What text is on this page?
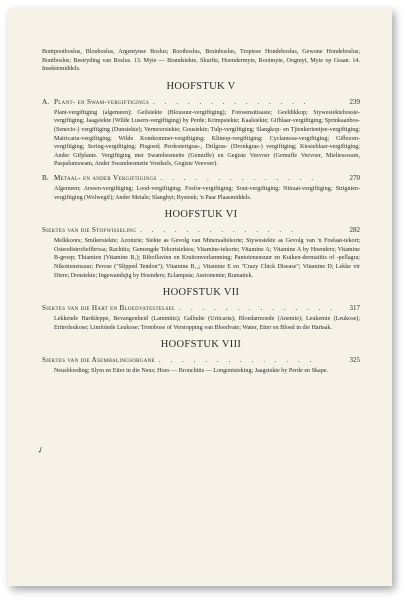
Bontpootboslus, Blouboslus, Argentynse Boslus; Rooiboslus, Bruinboslus, Tropiese Hondeboslus, Gewone Hondeboslus; Bontboslus; Bestryding van Boslus. 13. Myte — Brandsiekte, Skurfte, Hoendermyte, Rooimyte, Oogmyt, Myte op Graan. 14. Insektemiddels.

HOOFSTUK V
A. Plant- en Swam-vergiftigings . . . . . . . . . . . . . .	239

Plant-vergiftiging (algemeen); Geilsiekte (Blousuur-vergiftiging); Fotosensitisasie; Geeldikkop; Stywesiektebossie-vergiftiging; Jaagsiekte (Wilde Lusern-vergiftiging) by Perde; Krimpsiekte; Kaalsiekte; Gifblaar-vergiftiging; Sprinkaanbos- (Senecio-) vergiftiging (Dunsiekte); Vermeersiekte; Gousiekte; Tulp-vergiftiging; Slangkop- en Tjienkerientjee-vergiftiging; Matricaria-vergiftiging; Wilde Komkommer-vergiftiging; Klimop-vergiftiging; Cyclamosa-vergiftiging; Gifboom-vergiftiging; Sering-vergiftiging; Pisgoed; Perdestertgras-, Drilgras- (Dronkgras-) vergiftiging; Kiesieblaar-vergiftiging; Ander Gifplante. Vergiftiging met Swambesmette (Gemuffe) en Gegiste Veevoer (Gemuffe Veevoer, Mieliesswam, Paspalumswam, Ander Swambesmette Voedsels, Gegiste Veevoer).

B. Metaal- en ander Vergiftigings . . . . . . . . . . . . . .	270

Algemeen; Arseen-vergiftiging; Lood-vergiftiging; Fosfor-vergiftiging; Sout-vergiftiging; Nitraat-vergiftiging; Strignien-vergiftiging (Wolwegif); Ander Metale; Slanghyt; Bysteek; 'n Paar Plaasmiddels.

HOOFSTUK VI
Siektes van die Stofwisseling . . . . . . . . . . . . . .	282

Melkkoors; Smikersiekte; Azoturie; Siekte as Gevolg van Mineraaltekorte; Stywesiekte as Gevolg van 'n Fosfaat-tekort; Osteodistrofiefibrosa; Rachitis; Gemengde Tekortsiektes; Vitamine-tekorte; Vitamine A; Vitamine A by Hoenders; Vitamine B-groep; Thiamien (Vitamine B₁); Riboflavien en Kruitonverlamming; Pantotenensuur en Kuiken-dermatitis of -pellagra; Nikotienensuur; Perose ("Slipped Tendon"); Vitamine B₁₂; Vitamine E en "Crazy Chick Disease"; Vitamine D; Lekke vir Diere; Donsiekte; Ingewandsjig by Hoenders; Eclampsia; Asetonemie; Rumatiek.

HOOFSTUK VII
Siektes van die Hart en Bloedvatestelsel . . . . . . . . . . . . . .	317

Lekkende Hartkleppe, Bevangenheid (Laminitis); Galbulte (Urticaria); Bloedarmoede (Anemie); Leukemie (Leukose); Eritroleukose; Limfoïede Leukose; Trombose of Verstopping van Bloedvate; Water, Etter en Bloed in die Hartsak.

HOOFSTUK VIII
Siektes van die Asemhalingsorgane . . . . . . . . . . . . . .	325

Neusbloeding; Slym en Etter in die Neus; Hoes — Bronchitis — Longontsteking; Jaagsiekte by Perde en Skape.

✓
